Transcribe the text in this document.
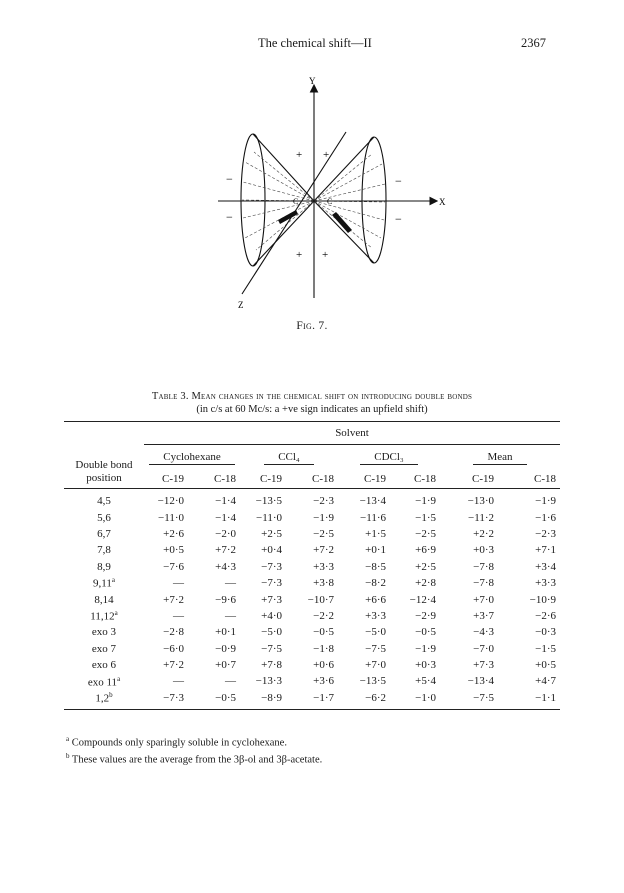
The chemical shift—II	2367
Y
X
Z
C	C
+ +
+ +
−
−
−
−
Fig. 7.
Table 3. Mean changes in the chemical shift on introducing double bonds
(in c/s at 60 Mc/s: a +ve sign indicates an upfield shift)
	Solvent							

Double bond
position	Cyclohexane		CCl₄		CDCl₃		Mean	
	C-19	C-18	C-19	C-18	C-19	C-18	C-19	C-18
4,5	−12·0	−1·4	−13·5	−2·3	−13·4	−1·9	−13·0	−1·9
5,6	−11·0	−1·4	−11·0	−1·9	−11·6	−1·5	−11·2	−1·6
6,7	+2·6	−2·0	+2·5	−2·5	+1·5	−2·5	+2·2	−2·3
7,8	+0·5	+7·2	+0·4	+7·2	+0·1	+6·9	+0·3	+7·1
8,9	−7·6	+4·3	−7·3	+3·3	−8·5	+2·5	−7·8	+3·4
9,11$^a$	—	—	−7·3	+3·8	−8·2	+2·8	−7·8	+3·3
8,14	+7·2	−9·6	+7·3	−10·7	+6·6	−12·4	+7·0	−10·9
11,12$^a$	—	—	+4·0	−2·2	+3·3	−2·9	+3·7	−2·6
exo 3	−2·8	+0·1	−5·0	−0·5	−5·0	−0·5	−4·3	−0·3
exo 7	−6·0	−0·9	−7·5	−1·8	−7·5	−1·9	−7·0	−1·5
exo 6	+7·2	+0·7	+7·8	+0·6	+7·0	+0·3	+7·3	+0·5
exo 11$^a$	—	—	−13·3	+3·6	−13·5	+5·4	−13·4	+4·7
1,2$^b$	−7·3	−0·5	−8·9	−1·7	−6·2	−1·0	−7·5	−1·1
$^a$ Compounds only sparingly soluble in cyclohexane.
$^b$ These values are the average from the 3β-ol and 3β-acetate.
